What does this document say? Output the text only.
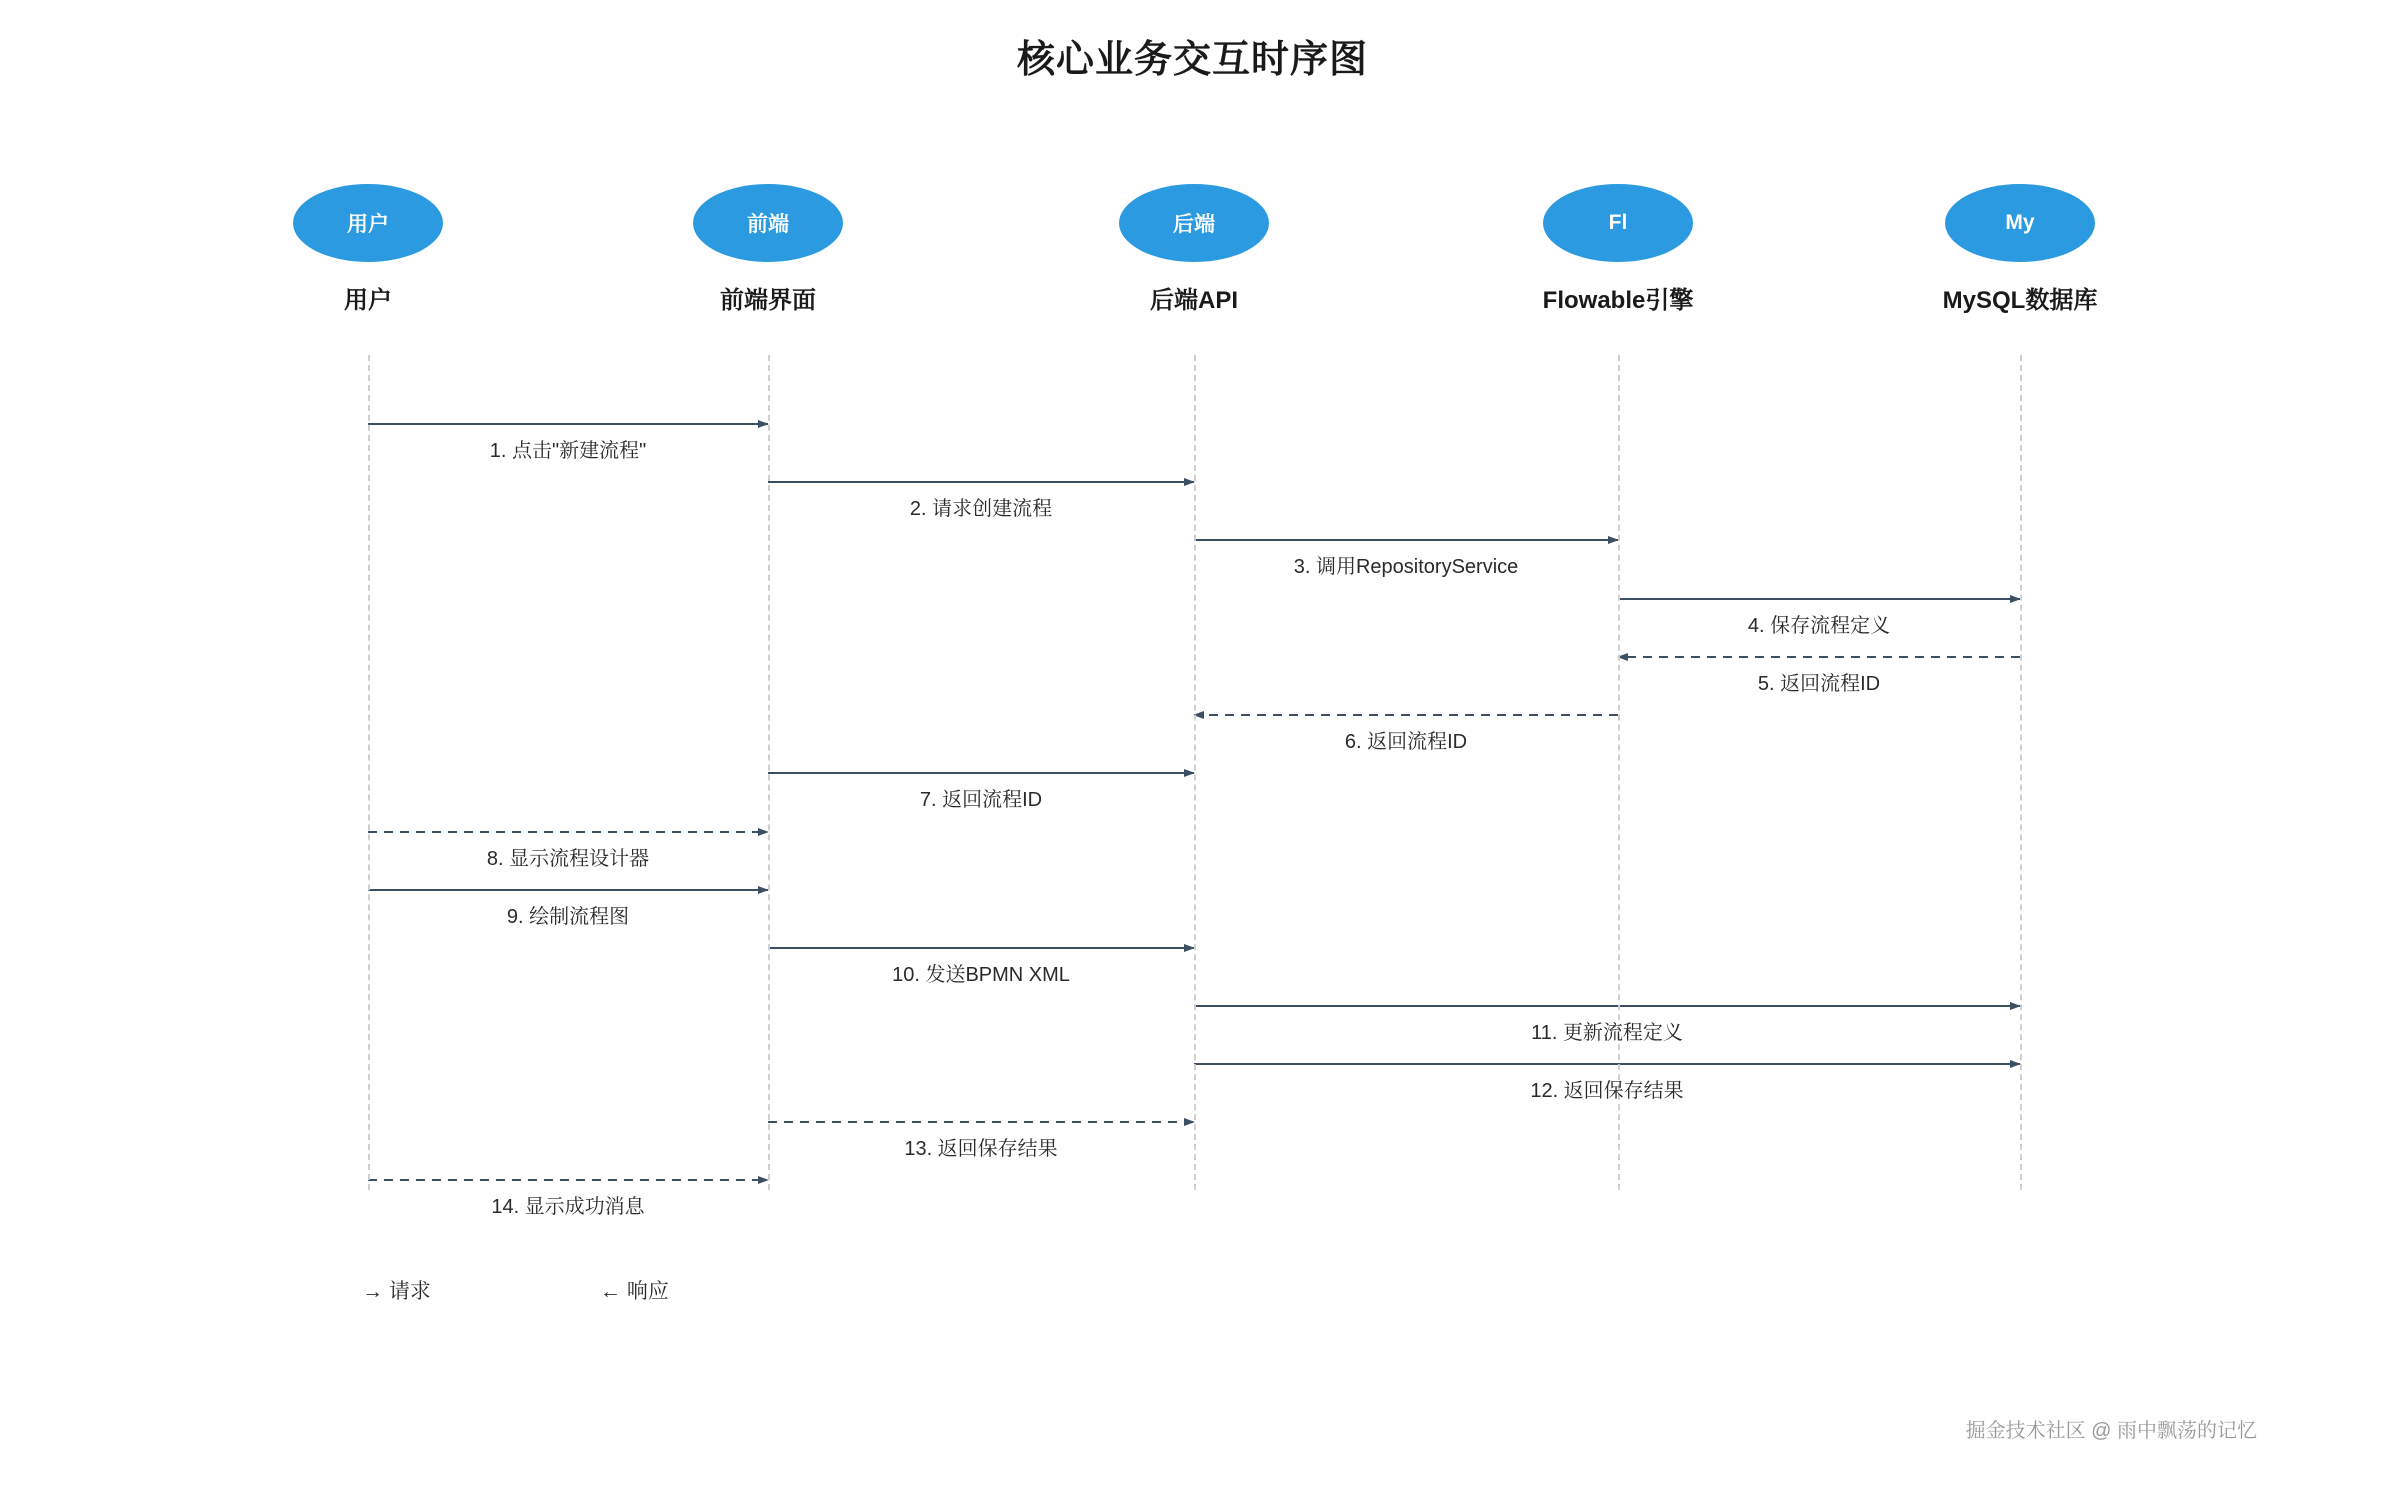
核心业务交互时序图
用户
用户
前端
前端界面
后端
后端API
Fl
Flowable引擎
My
MySQL数据库
1. 点击"新建流程"
2. 请求创建流程
3. 调用RepositoryService
4. 保存流程定义
5. 返回流程ID
6. 返回流程ID
7. 返回流程ID
8. 显示流程设计器
9. 绘制流程图
10. 发送BPMN XML
11. 更新流程定义
12. 返回保存结果
13. 返回保存结果
14. 显示成功消息
→ 请求	← 响应
掘金技术社区 @ 雨中飘荡的记忆
